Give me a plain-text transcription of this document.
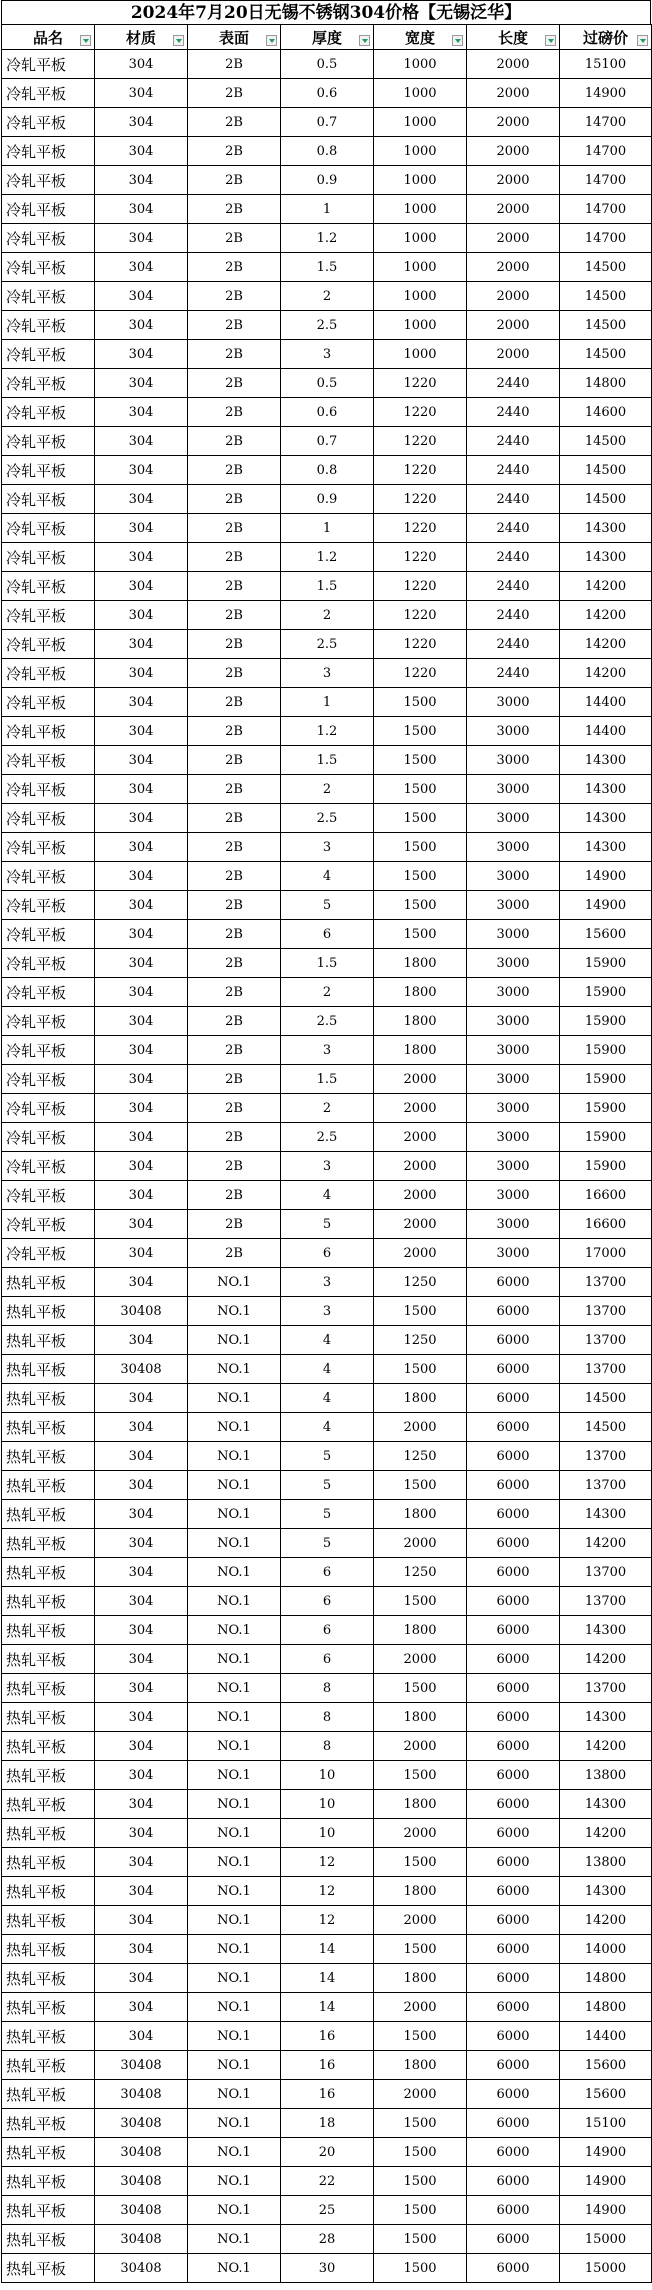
2024年7月20日无锡不锈钢304价格【无锡泛华】
品名	材质	表面	厚度	宽度	长度	过磅价

冷轧平板	304	2B	0.5	1000	2000	15100
冷轧平板	304	2B	0.6	1000	2000	14900
冷轧平板	304	2B	0.7	1000	2000	14700
冷轧平板	304	2B	0.8	1000	2000	14700
冷轧平板	304	2B	0.9	1000	2000	14700
冷轧平板	304	2B	1	1000	2000	14700
冷轧平板	304	2B	1.2	1000	2000	14700
冷轧平板	304	2B	1.5	1000	2000	14500
冷轧平板	304	2B	2	1000	2000	14500
冷轧平板	304	2B	2.5	1000	2000	14500
冷轧平板	304	2B	3	1000	2000	14500
冷轧平板	304	2B	0.5	1220	2440	14800
冷轧平板	304	2B	0.6	1220	2440	14600
冷轧平板	304	2B	0.7	1220	2440	14500
冷轧平板	304	2B	0.8	1220	2440	14500
冷轧平板	304	2B	0.9	1220	2440	14500
冷轧平板	304	2B	1	1220	2440	14300
冷轧平板	304	2B	1.2	1220	2440	14300
冷轧平板	304	2B	1.5	1220	2440	14200
冷轧平板	304	2B	2	1220	2440	14200
冷轧平板	304	2B	2.5	1220	2440	14200
冷轧平板	304	2B	3	1220	2440	14200
冷轧平板	304	2B	1	1500	3000	14400
冷轧平板	304	2B	1.2	1500	3000	14400
冷轧平板	304	2B	1.5	1500	3000	14300
冷轧平板	304	2B	2	1500	3000	14300
冷轧平板	304	2B	2.5	1500	3000	14300
冷轧平板	304	2B	3	1500	3000	14300
冷轧平板	304	2B	4	1500	3000	14900
冷轧平板	304	2B	5	1500	3000	14900
冷轧平板	304	2B	6	1500	3000	15600
冷轧平板	304	2B	1.5	1800	3000	15900
冷轧平板	304	2B	2	1800	3000	15900
冷轧平板	304	2B	2.5	1800	3000	15900
冷轧平板	304	2B	3	1800	3000	15900
冷轧平板	304	2B	1.5	2000	3000	15900
冷轧平板	304	2B	2	2000	3000	15900
冷轧平板	304	2B	2.5	2000	3000	15900
冷轧平板	304	2B	3	2000	3000	15900
冷轧平板	304	2B	4	2000	3000	16600
冷轧平板	304	2B	5	2000	3000	16600
冷轧平板	304	2B	6	2000	3000	17000
热轧平板	304	NO.1	3	1250	6000	13700
热轧平板	30408	NO.1	3	1500	6000	13700
热轧平板	304	NO.1	4	1250	6000	13700
热轧平板	30408	NO.1	4	1500	6000	13700
热轧平板	304	NO.1	4	1800	6000	14500
热轧平板	304	NO.1	4	2000	6000	14500
热轧平板	304	NO.1	5	1250	6000	13700
热轧平板	304	NO.1	5	1500	6000	13700
热轧平板	304	NO.1	5	1800	6000	14300
热轧平板	304	NO.1	5	2000	6000	14200
热轧平板	304	NO.1	6	1250	6000	13700
热轧平板	304	NO.1	6	1500	6000	13700
热轧平板	304	NO.1	6	1800	6000	14300
热轧平板	304	NO.1	6	2000	6000	14200
热轧平板	304	NO.1	8	1500	6000	13700
热轧平板	304	NO.1	8	1800	6000	14300
热轧平板	304	NO.1	8	2000	6000	14200
热轧平板	304	NO.1	10	1500	6000	13800
热轧平板	304	NO.1	10	1800	6000	14300
热轧平板	304	NO.1	10	2000	6000	14200
热轧平板	304	NO.1	12	1500	6000	13800
热轧平板	304	NO.1	12	1800	6000	14300
热轧平板	304	NO.1	12	2000	6000	14200
热轧平板	304	NO.1	14	1500	6000	14000
热轧平板	304	NO.1	14	1800	6000	14800
热轧平板	304	NO.1	14	2000	6000	14800
热轧平板	304	NO.1	16	1500	6000	14400
热轧平板	30408	NO.1	16	1800	6000	15600
热轧平板	30408	NO.1	16	2000	6000	15600
热轧平板	30408	NO.1	18	1500	6000	15100
热轧平板	30408	NO.1	20	1500	6000	14900
热轧平板	30408	NO.1	22	1500	6000	14900
热轧平板	30408	NO.1	25	1500	6000	14900
热轧平板	30408	NO.1	28	1500	6000	15000
热轧平板	30408	NO.1	30	1500	6000	15000
